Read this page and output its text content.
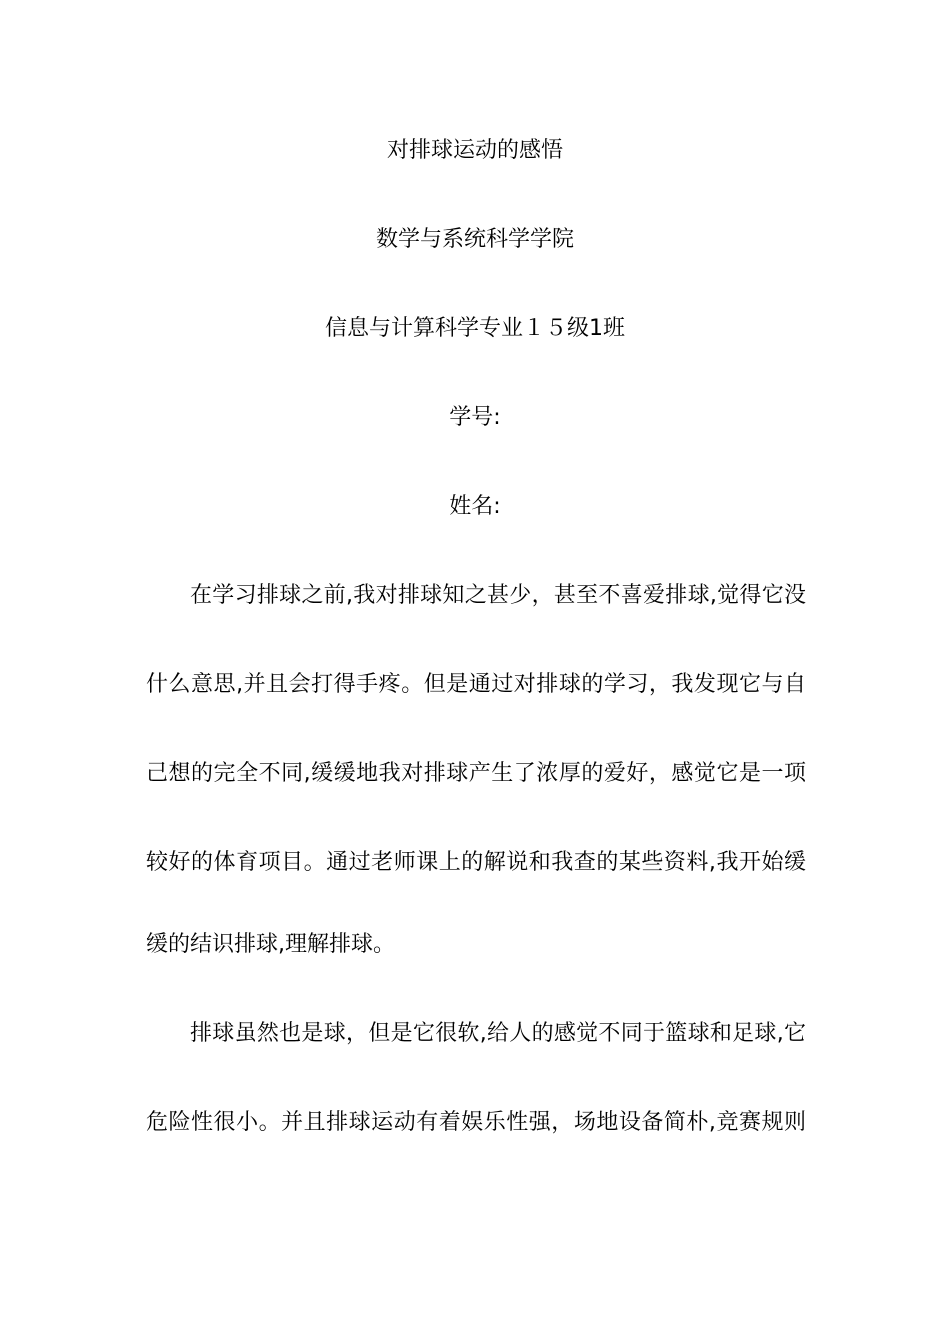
对排球运动的感悟
数学与系统科学学院
信息与计算科学专业１５级1班
学号:
姓名:
在学习排球之前,我对排球知之甚少，甚至不喜爱排球,觉得它没
什么意思,并且会打得手疼。但是通过对排球的学习，我发现它与自
己想的完全不同,缓缓地我对排球产生了浓厚的爱好，感觉它是一项
较好的体育项目。通过老师课上的解说和我查的某些资料,我开始缓
缓的结识排球,理解排球。
排球虽然也是球，但是它很软,给人的感觉不同于篮球和足球,它
危险性很小。并且排球运动有着娱乐性强，场地设备简朴,竞赛规则
